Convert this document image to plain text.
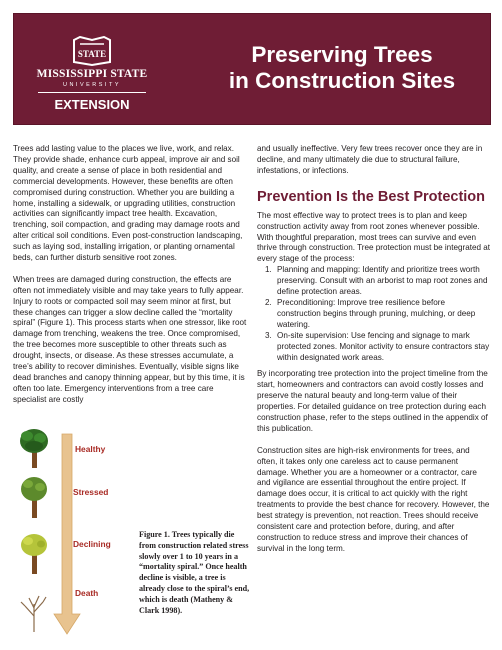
STATE
MISSISSIPPI STATE
UNIVERSITY
EXTENSION
Preserving Trees
in Construction Sites

Trees add lasting value to the places we live, work, and relax. They provide shade, enhance curb appeal, improve air and soil quality, and create a sense of place in both residential and commercial developments. However, these benefits are often compromised during construction. Whether you are building a home, installing a sidewalk, or upgrading utilities, construction activities can significantly impact tree health. Excavation, trenching, soil compaction, and grading may damage roots and alter critical soil conditions. Even post-construction landscaping, such as laying sod, installing irrigation, or planting ornamental beds, can further disturb sensitive root zones.

When trees are damaged during construction, the effects are often not immediately visible and may take years to fully appear. Injury to roots or compacted soil may seem minor at first, but these changes can trigger a slow decline called the “mortality spiral” (Figure 1). This process starts when one stressor, like root damage from trenching, weakens the tree. Once compromised, the tree becomes more susceptible to other threats such as drought, insects, or disease. As these stresses accumulate, a tree’s ability to recover diminishes. Eventually, visible signs like dead branches and canopy thinning appear, but by this time, it is often too late. Emergency interventions from a tree care specialist are costly

Healthy
Stressed
Declining
Death
Figure 1. Trees typically die from construction related stress slowly over 1 to 10 years in a “mortality spiral.” Once health decline is visible, a tree is already close to the spiral’s end, which is death (Matheny & Clark 1998).

and usually ineffective. Very few trees recover once they are in decline, and many ultimately die due to structural failure, infestations, or infections.

Prevention Is the Best Protection

The most effective way to protect trees is to plan and keep construction activity away from root zones whenever possible. With thoughtful preparation, most trees can survive and even thrive through construction. Tree protection must be integrated at every stage of the process:

1. Planning and mapping: Identify and prioritize trees worth preserving. Consult with an arborist to map root zones and define protection areas.
2. Preconditioning: Improve tree resilience before construction begins through pruning, mulching, or deep watering.
3. On-site supervision: Use fencing and signage to mark protected zones. Monitor activity to ensure contractors stay within designated work areas.

By incorporating tree protection into the project timeline from the start, homeowners and contractors can avoid costly losses and preserve the natural beauty and long-term value of their properties. For detailed guidance on tree protection during each construction phase, refer to the steps outlined in the appendix of this publication.

Construction sites are high-risk environments for trees, and often, it takes only one careless act to cause permanent damage. Whether you are a homeowner or a contractor, care and vigilance are essential throughout the entire project. If damage does occur, it is critical to act quickly with the right treatments to provide the best chance for recovery. However, the best strategy is prevention, not reaction. Trees should receive consistent care and protection before, during, and after construction to reduce stress and improve their chances of survival in the long term.
